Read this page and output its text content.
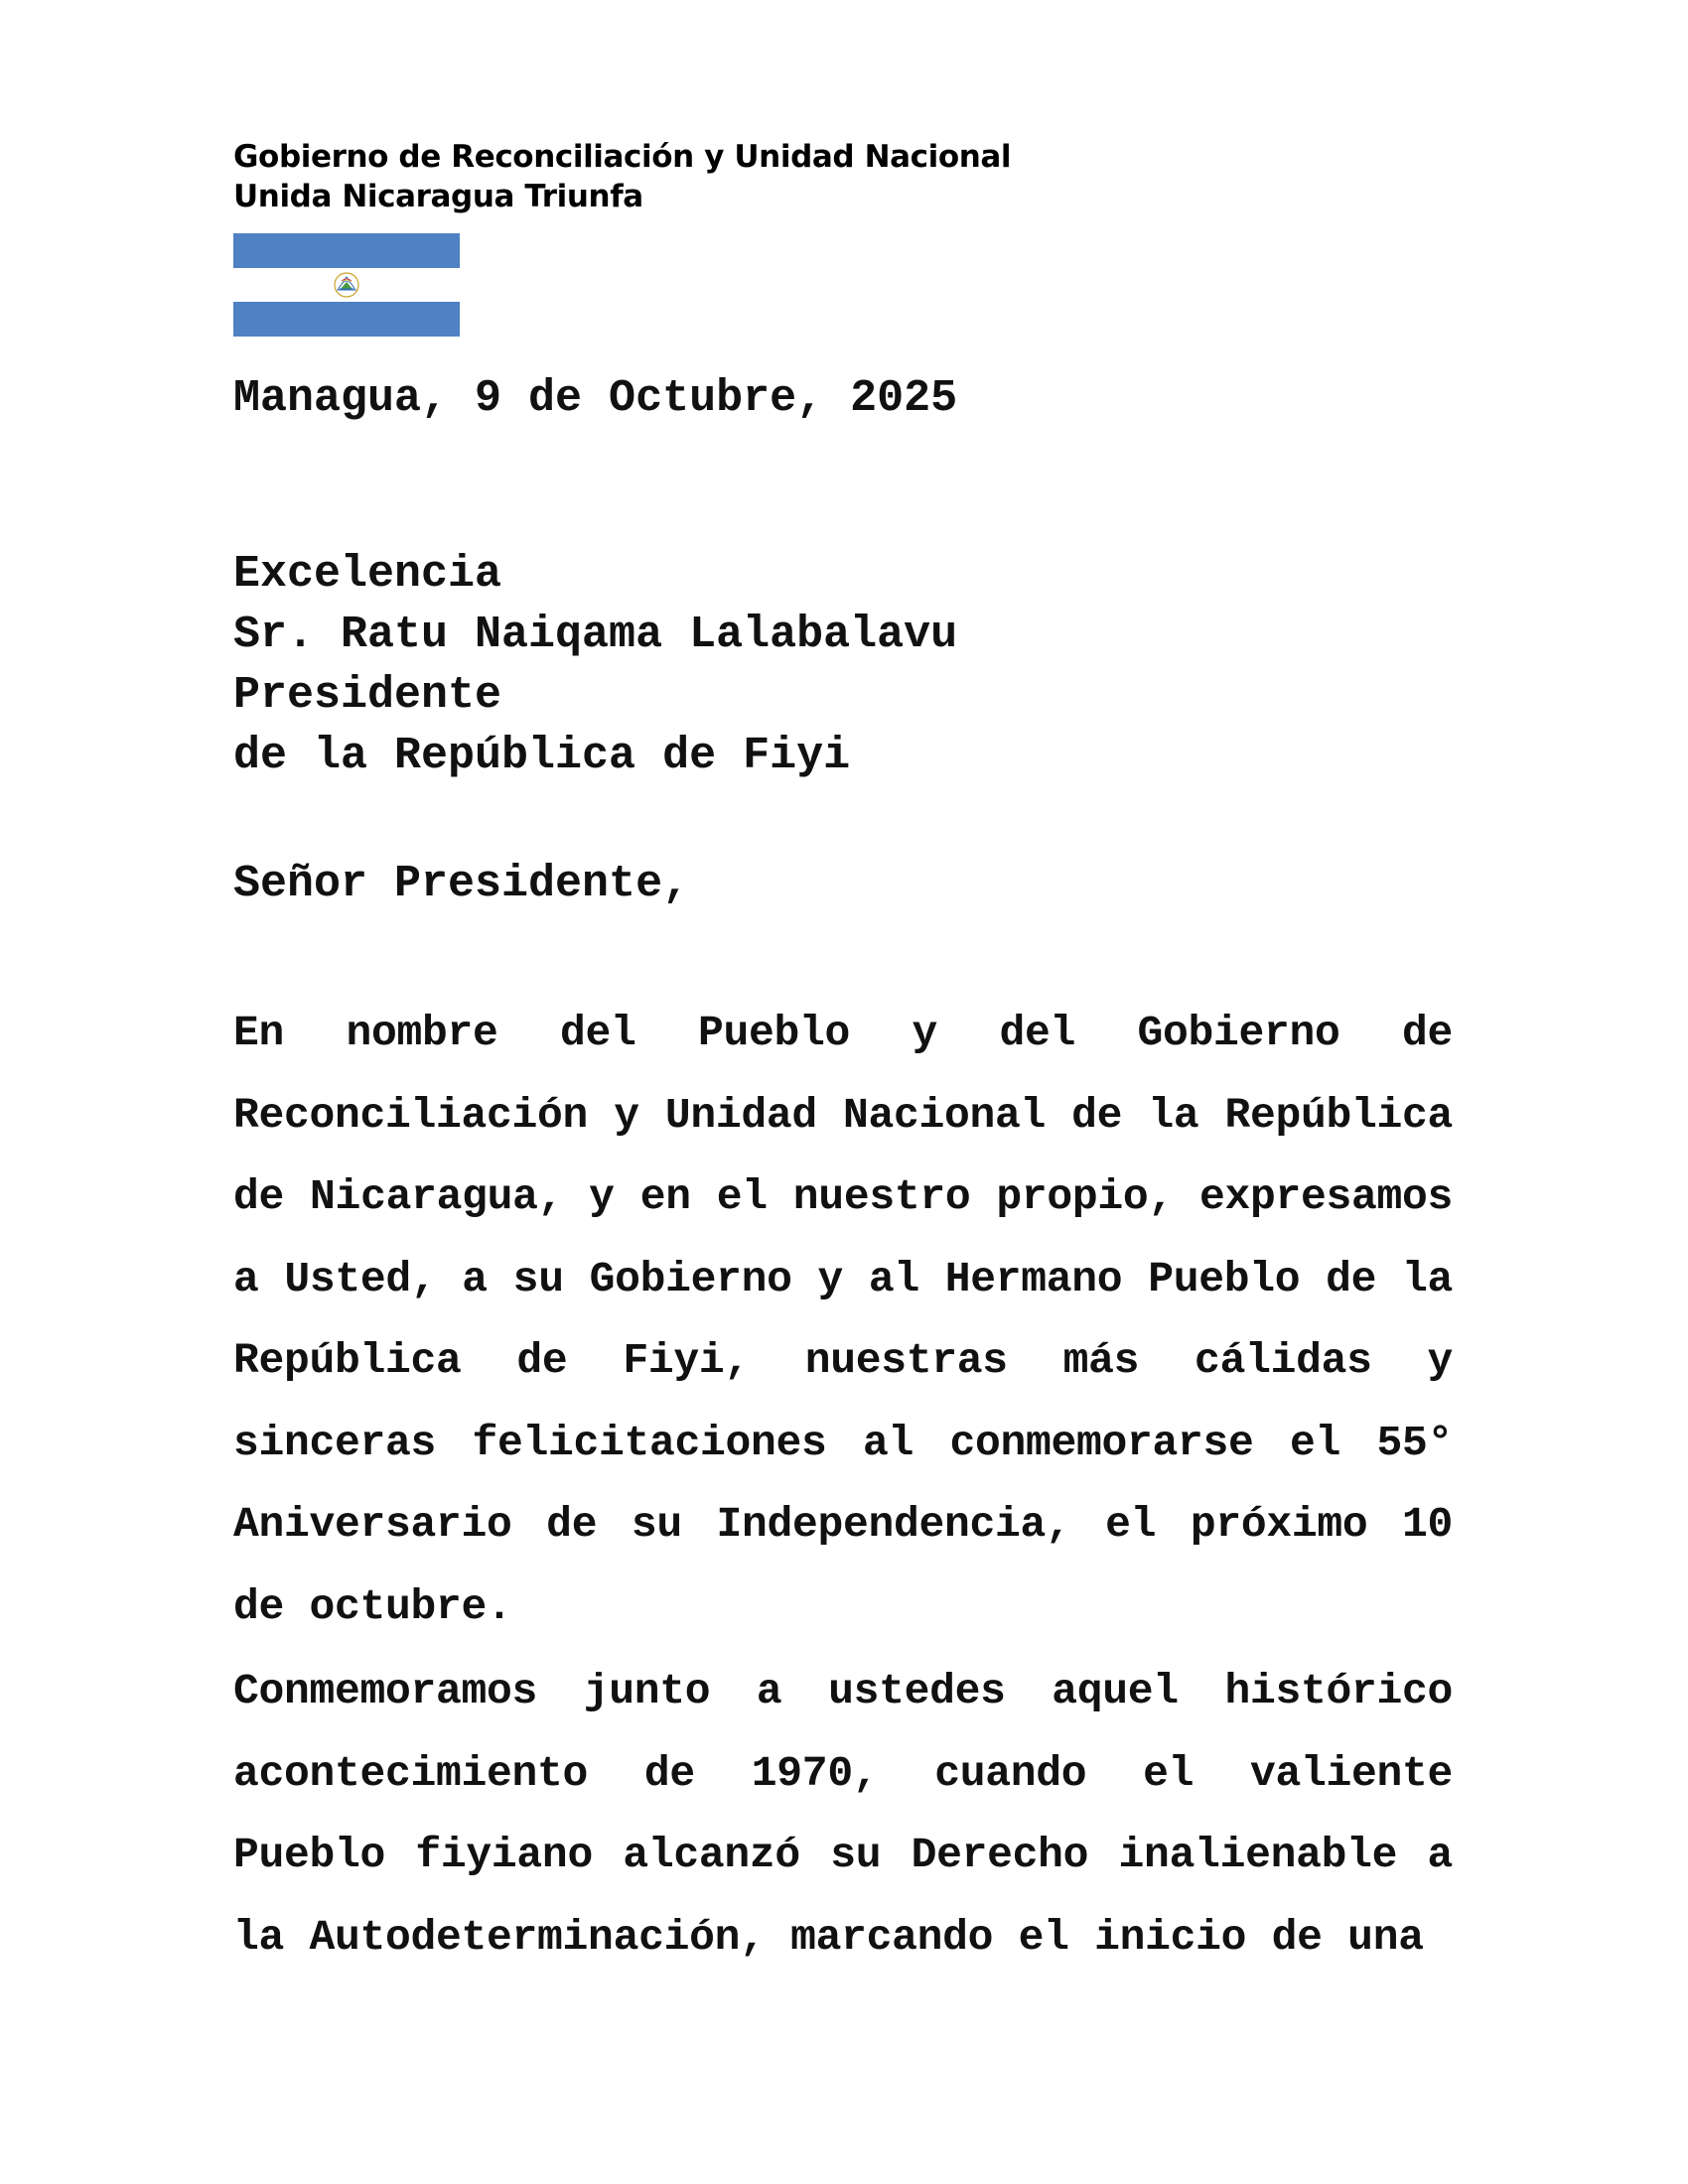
Gobierno de Reconciliación y Unidad Nacional
Unida Nicaragua Triunfa
Managua, 9 de Octubre, 2025
Excelencia
Sr. Ratu Naiqama Lalabalavu
Presidente
de la República de Fiyi
Señor Presidente,

En nombre del Pueblo y del Gobierno de Reconciliación y Unidad Nacional de la República de Nicaragua, y en el nuestro propio, expresamos a Usted, a su Gobierno y al Hermano Pueblo de la República de Fiyi, nuestras más cálidas y sinceras felicitaciones al conmemorarse el 55° Aniversario de su Independencia, el próximo 10 de octubre.

Conmemoramos junto a ustedes aquel histórico acontecimiento de 1970, cuando el valiente Pueblo fiyiano alcanzó su Derecho inalienable a la Autodeterminación, marcando el inicio de una
